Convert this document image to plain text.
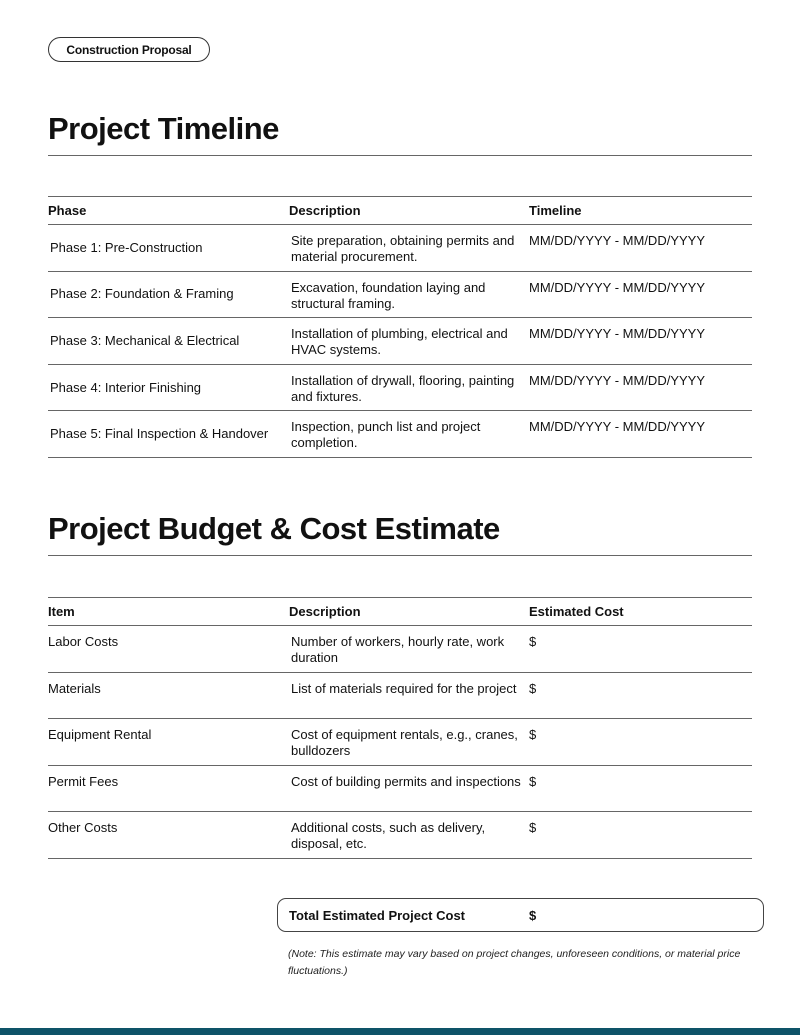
Construction Proposal
Project Timeline
Phase	Description	Timeline
Phase 1: Pre-Construction	Site preparation, obtaining permits and material procurement.	MM/DD/YYYY - MM/DD/YYYY
Phase 2: Foundation & Framing	Excavation, foundation laying and structural framing.	MM/DD/YYYY - MM/DD/YYYY
Phase 3: Mechanical & Electrical	Installation of plumbing, electrical and HVAC systems.	MM/DD/YYYY - MM/DD/YYYY
Phase 4: Interior Finishing	Installation of drywall, flooring, painting and fixtures.	MM/DD/YYYY - MM/DD/YYYY
Phase 5: Final Inspection & Handover	Inspection, punch list and project completion.	MM/DD/YYYY - MM/DD/YYYY
Project Budget & Cost Estimate
Item	Description	Estimated Cost
Labor Costs	Number of workers, hourly rate, work duration	$
Materials	List of materials required for the project	$
Equipment Rental	Cost of equipment rentals, e.g., cranes, bulldozers	$
Permit Fees	Cost of building permits and inspections	$
Other Costs	Additional costs, such as delivery, disposal, etc.	$
Total Estimated Project Cost	$
(Note: This estimate may vary based on project changes, unforeseen conditions, or material price fluctuations.)
